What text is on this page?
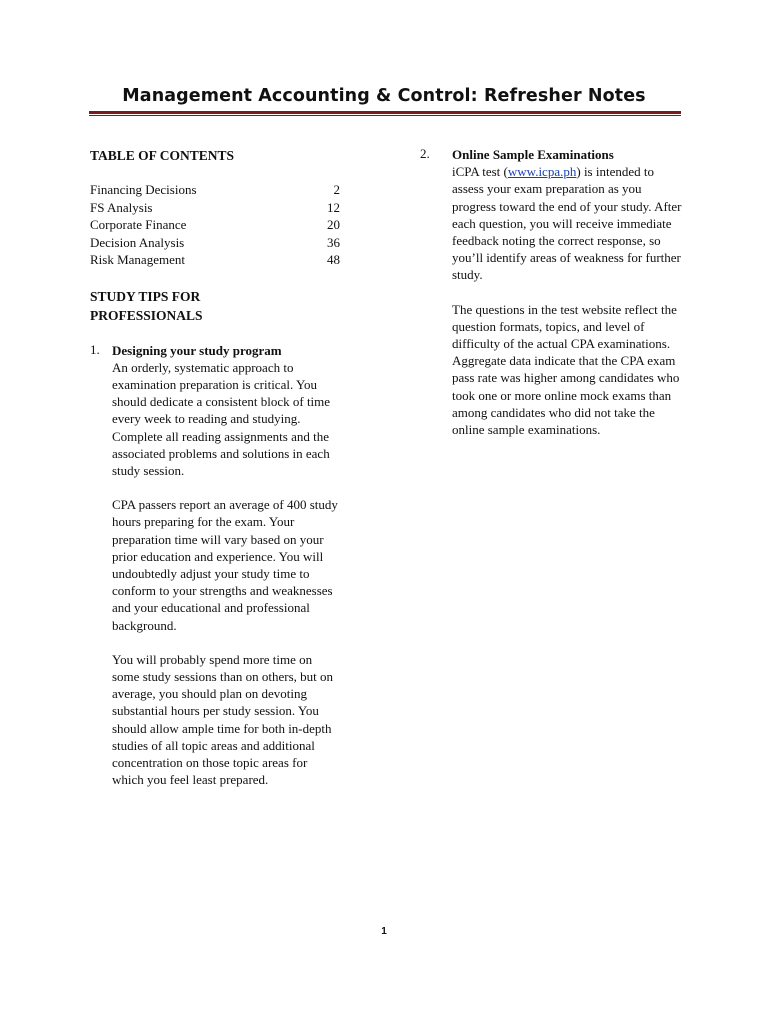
Management Accounting & Control: Refresher Notes
TABLE OF CONTENTS
Financing Decisions	2
FS Analysis	12
Corporate Finance	20
Decision Analysis	36
Risk Management	48
STUDY TIPS FOR
PROFESSIONALS
1. Designing your study program
An orderly, systematic approach to examination preparation is critical. You should dedicate a consistent block of time every week to reading and studying. Complete all reading assignments and the associated problems and solutions in each study session.
CPA passers report an average of 400 study hours preparing for the exam. Your preparation time will vary based on your prior education and experience. You will undoubtedly adjust your study time to conform to your strengths and weaknesses and your educational and professional background.
You will probably spend more time on some study sessions than on others, but on average, you should plan on devoting substantial hours per study session. You should allow ample time for both in-depth studies of all topic areas and additional concentration on those topic areas for which you feel least prepared.
2.	Online Sample Examinations
iCPA test (www.icpa.ph) is intended to assess your exam preparation as you progress toward the end of your study. After each question, you will receive immediate feedback noting the correct response, so you’ll identify areas of weakness for further study.
The questions in the test website reflect the question formats, topics, and level of difficulty of the actual CPA examinations. Aggregate data indicate that the CPA exam pass rate was higher among candidates who took one or more online mock exams than among candidates who did not take the online sample examinations.
1
